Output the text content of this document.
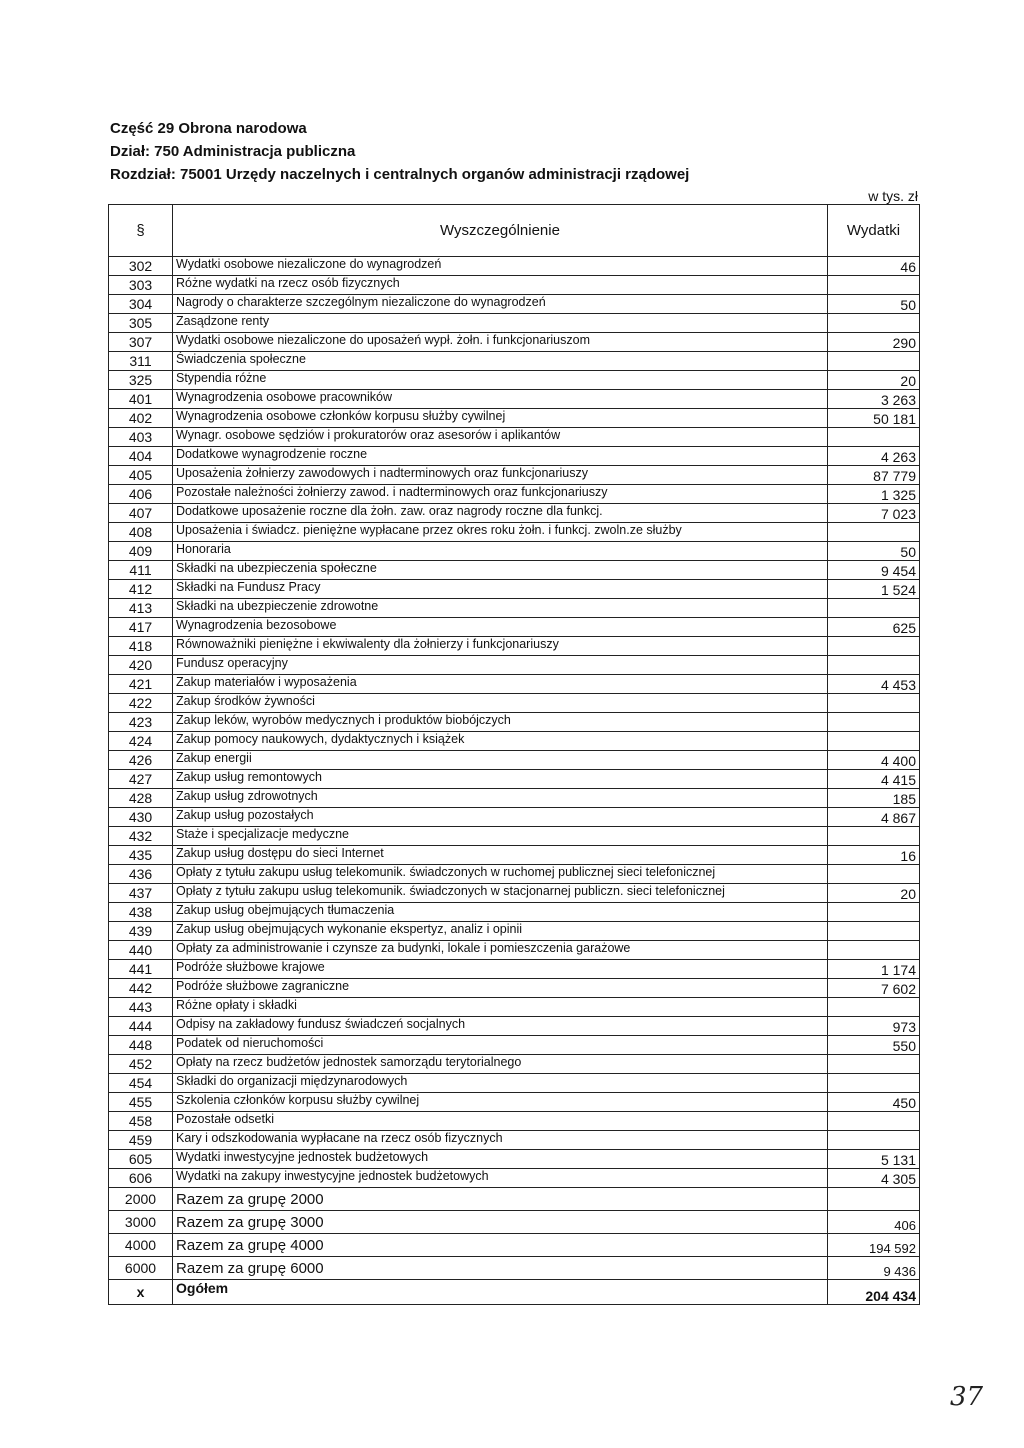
Część 29 Obrona narodowa
Dział: 750 Administracja publiczna
Rozdział: 75001 Urzędy naczelnych i centralnych organów administracji rządowej
w tys. zł
§	Wyszczególnienie	Wydatki
302	Wydatki osobowe niezaliczone do wynagrodzeń	46
303	Różne wydatki na rzecz osób fizycznych	
304	Nagrody o charakterze szczególnym niezaliczone do wynagrodzeń	50
305	Zasądzone renty	
307	Wydatki osobowe niezaliczone do uposażeń wypł. żołn. i funkcjonariuszom	290
311	Świadczenia społeczne	
325	Stypendia różne	20
401	Wynagrodzenia osobowe pracowników	3 263
402	Wynagrodzenia osobowe członków korpusu służby cywilnej	50 181
403	Wynagr. osobowe sędziów i prokuratorów oraz asesorów i aplikantów	
404	Dodatkowe wynagrodzenie roczne	4 263
405	Uposażenia żołnierzy zawodowych i nadterminowych oraz funkcjonariuszy	87 779
406	Pozostałe należności żołnierzy zawod. i nadterminowych oraz funkcjonariuszy	1 325
407	Dodatkowe uposażenie roczne dla żołn. zaw. oraz nagrody roczne dla funkcj.	7 023
408	Uposażenia i świadcz. pieniężne wypłacane przez okres roku żołn. i funkcj. zwoln.ze służby	
409	Honoraria	50
411	Składki na ubezpieczenia społeczne	9 454
412	Składki na Fundusz Pracy	1 524
413	Składki na ubezpieczenie zdrowotne	
417	Wynagrodzenia bezosobowe	625
418	Równoważniki pieniężne i ekwiwalenty dla żołnierzy i funkcjonariuszy	
420	Fundusz operacyjny	
421	Zakup materiałów i wyposażenia	4 453
422	Zakup środków żywności	
423	Zakup leków, wyrobów medycznych i produktów biobójczych	
424	Zakup pomocy naukowych, dydaktycznych i książek	
426	Zakup energii	4 400
427	Zakup usług remontowych	4 415
428	Zakup usług zdrowotnych	185
430	Zakup usług pozostałych	4 867
432	Staże i specjalizacje medyczne	
435	Zakup usług dostępu do sieci Internet	16
436	Opłaty z tytułu zakupu usług telekomunik. świadczonych w ruchomej publicznej sieci telefonicznej	
437	Opłaty z tytułu zakupu usług telekomunik. świadczonych w stacjonarnej publiczn. sieci telefonicznej	20
438	Zakup usług obejmujących tłumaczenia	
439	Zakup usług obejmujących wykonanie ekspertyz, analiz i opinii	
440	Opłaty za administrowanie i czynsze za budynki, lokale i pomieszczenia garażowe	
441	Podróże służbowe krajowe	1 174
442	Podróże służbowe zagraniczne	7 602
443	Różne opłaty i składki	
444	Odpisy na zakładowy fundusz świadczeń socjalnych	973
448	Podatek od nieruchomości	550
452	Opłaty na rzecz budżetów jednostek samorządu terytorialnego	
454	Składki do organizacji międzynarodowych	
455	Szkolenia członków korpusu służby cywilnej	450
458	Pozostałe odsetki	
459	Kary i odszkodowania wypłacane na rzecz osób fizycznych	
605	Wydatki inwestycyjne jednostek budżetowych	5 131
606	Wydatki na zakupy inwestycyjne jednostek budżetowych	4 305
2000	Razem za grupę 2000	
3000	Razem za grupę 3000	406
4000	Razem za grupę 4000	194 592
6000	Razem za grupę 6000	9 436
x	Ogółem	204 434
37
